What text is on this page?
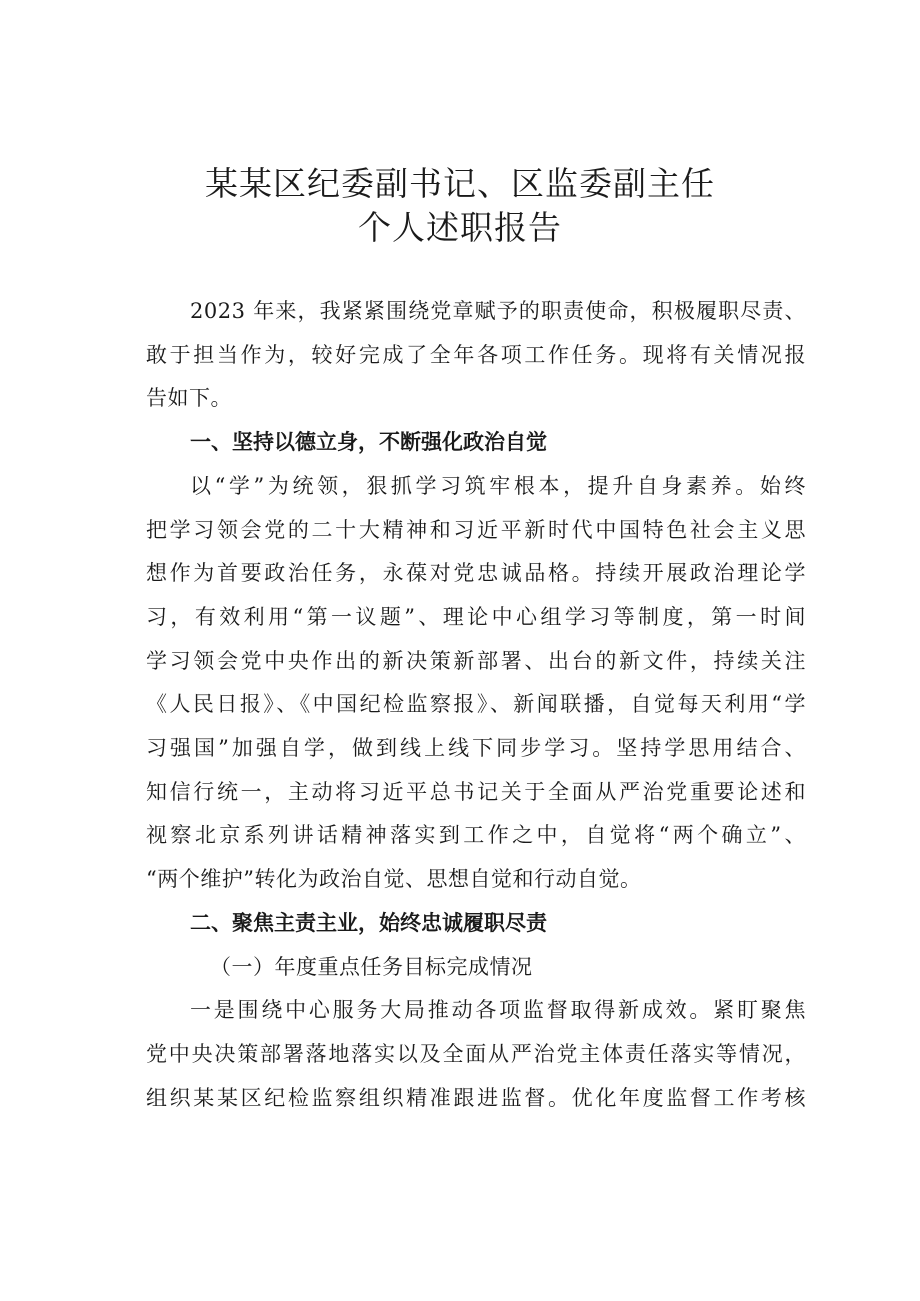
某某区纪委副书记、区监委副主任
个人述职报告
2023 年来，我紧紧围绕党章赋予的职责使命，积极履职尽责、
敢于担当作为，较好完成了全年各项工作任务。现将有关情况报
告如下。
一、坚持以德立身，不断强化政治自觉
以“学”为统领，狠抓学习筑牢根本，提升自身素养。始终
把学习领会党的二十大精神和习近平新时代中国特色社会主义思
想作为首要政治任务，永葆对党忠诚品格。持续开展政治理论学
习，有效利用“第一议题”、理论中心组学习等制度，第一时间
学习领会党中央作出的新决策新部署、出台的新文件，持续关注
《人民日报》、《中国纪检监察报》、新闻联播，自觉每天利用“学
习强国”加强自学，做到线上线下同步学习。坚持学思用结合、
知信行统一，主动将习近平总书记关于全面从严治党重要论述和
视察北京系列讲话精神落实到工作之中，自觉将“两个确立”、
“两个维护”转化为政治自觉、思想自觉和行动自觉。
二、聚焦主责主业，始终忠诚履职尽责
（一）年度重点任务目标完成情况
一是围绕中心服务大局推动各项监督取得新成效。紧盯聚焦
党中央决策部署落地落实以及全面从严治党主体责任落实等情况，
组织某某区纪检监察组织精准跟进监督。优化年度监督工作考核
